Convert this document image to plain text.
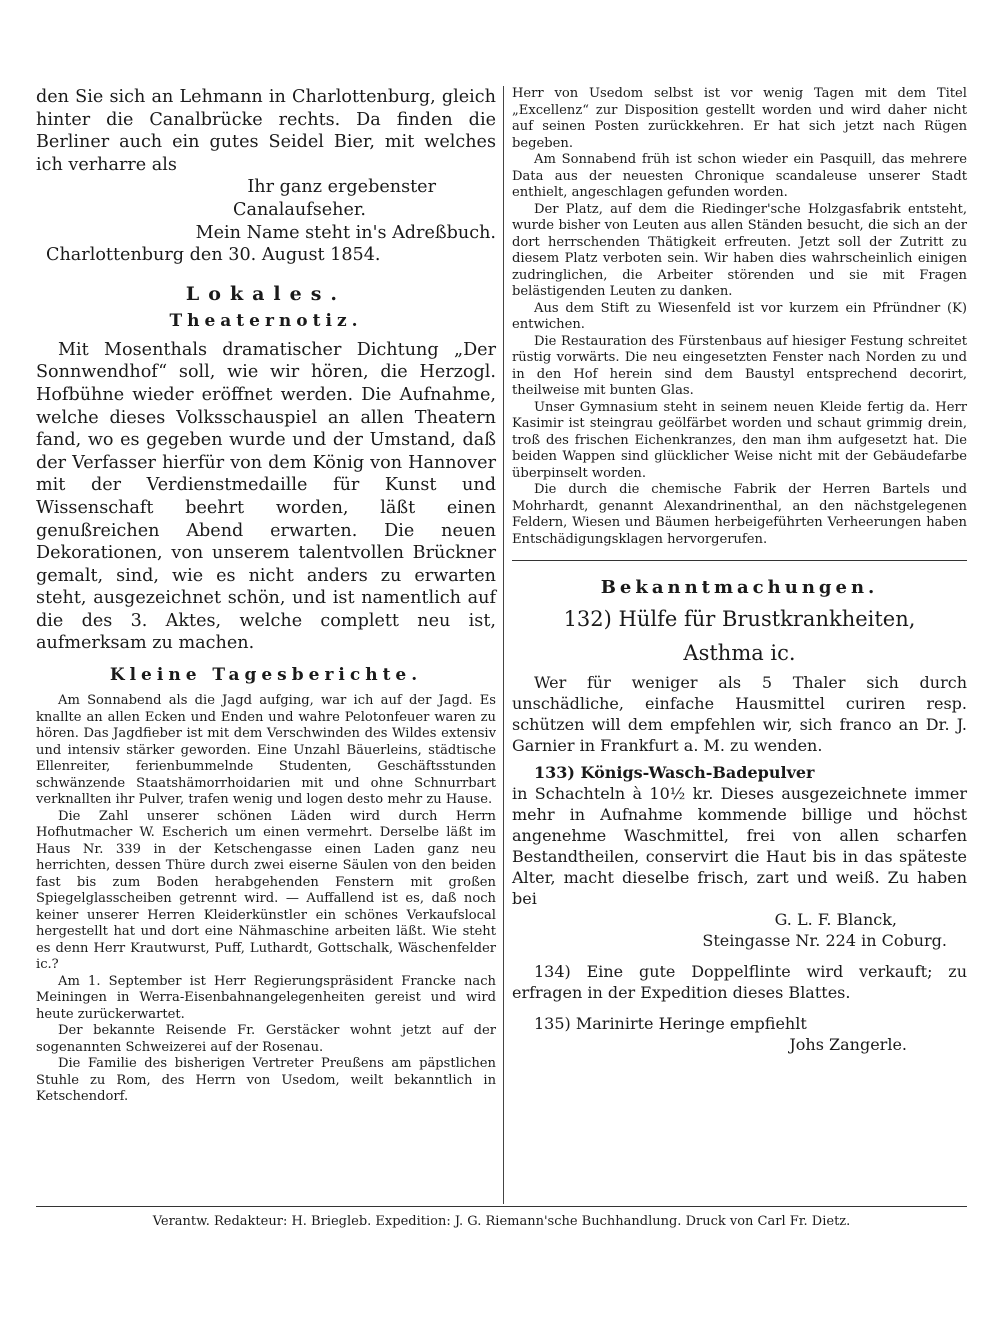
den Sie sich an Lehmann in Charlottenburg, gleich hinter die Canalbrücke rechts. Da finden die Berliner auch ein gutes Seidel Bier, mit welches ich verharre als

Ihr ganz ergebenster

Canalaufseher.

Mein Name steht in's Adreßbuch.

Charlottenburg den 30. August 1854.

Lokales.
Theaternotiz.

Mit Mosenthals dramatischer Dichtung „Der Sonnwendhof“ soll, wie wir hören, die Herzogl. Hofbühne wieder eröffnet werden. Die Aufnahme, welche dieses Volksschauspiel an allen Theatern fand, wo es gegeben wurde und der Umstand, daß der Verfasser hierfür von dem König von Hannover mit der Verdienstmedaille für Kunst und Wissenschaft beehrt worden, läßt einen genußreichen Abend erwarten. Die neuen Dekorationen, von unserem talentvollen Brückner gemalt, sind, wie es nicht anders zu erwarten steht, ausgezeichnet schön, und ist namentlich auf die des 3. Aktes, welche complett neu ist, aufmerksam zu machen.

Kleine Tagesberichte.

Am Sonnabend als die Jagd aufging, war ich auf der Jagd. Es knallte an allen Ecken und Enden und wahre Pelotonfeuer waren zu hören. Das Jagdfieber ist mit dem Verschwinden des Wildes extensiv und intensiv stärker geworden. Eine Unzahl Bäuerleins, städtische Ellenreiter, ferienbummelnde Studenten, Geschäftsstunden schwänzende Staatshämorrhoidarien mit und ohne Schnurrbart verknallten ihr Pulver, trafen wenig und logen desto mehr zu Hause.

Die Zahl unserer schönen Läden wird durch Herrn Hofhutmacher W. Escherich um einen vermehrt. Derselbe läßt im Haus Nr. 339 in der Ketschengasse einen Laden ganz neu herrichten, dessen Thüre durch zwei eiserne Säulen von den beiden fast bis zum Boden herabgehenden Fenstern mit großen Spiegelglasscheiben getrennt wird. — Auffallend ist es, daß noch keiner unserer Herren Kleiderkünstler ein schönes Verkaufslocal hergestellt hat und dort eine Nähmaschine arbeiten läßt. Wie steht es denn Herr Krautwurst, Puff, Luthardt, Gottschalk, Wäschenfelder ic.?

Am 1. September ist Herr Regierungspräsident Francke nach Meiningen in Werra-Eisenbahnangelegenheiten gereist und wird heute zurückerwartet.

Der bekannte Reisende Fr. Gerstäcker wohnt jetzt auf der sogenannten Schweizerei auf der Rosenau.

Die Familie des bisherigen Vertreter Preußens am päpstlichen Stuhle zu Rom, des Herrn von Usedom, weilt bekanntlich in Ketschendorf.

Herr von Usedom selbst ist vor wenig Tagen mit dem Titel „Excellenz“ zur Disposition gestellt worden und wird daher nicht auf seinen Posten zurückkehren. Er hat sich jetzt nach Rügen begeben.

Am Sonnabend früh ist schon wieder ein Pasquill, das mehrere Data aus der neuesten Chronique scandaleuse unserer Stadt enthielt, angeschlagen gefunden worden.

Der Platz, auf dem die Riedinger'sche Holzgasfabrik entsteht, wurde bisher von Leuten aus allen Ständen besucht, die sich an der dort herrschenden Thätigkeit erfreuten. Jetzt soll der Zutritt zu diesem Platz verboten sein. Wir haben dies wahrscheinlich einigen zudringlichen, die Arbeiter störenden und sie mit Fragen belästigenden Leuten zu danken.

Aus dem Stift zu Wiesenfeld ist vor kurzem ein Pfründner (K) entwichen.

Die Restauration des Fürstenbaus auf hiesiger Festung schreitet rüstig vorwärts. Die neu eingesetzten Fenster nach Norden zu und in den Hof herein sind dem Baustyl entsprechend decorirt, theilweise mit bunten Glas.

Unser Gymnasium steht in seinem neuen Kleide fertig da. Herr Kasimir ist steingrau geölfärbet worden und schaut grimmig drein, troß des frischen Eichenkranzes, den man ihm aufgesetzt hat. Die beiden Wappen sind glücklicher Weise nicht mit der Gebäudefarbe überpinselt worden.

Die durch die chemische Fabrik der Herren Bartels und Mohrhardt, genannt Alexandrinenthal, an den nächstgelegenen Feldern, Wiesen und Bäumen herbeigeführten Verheerungen haben Entschädigungsklagen hervorgerufen.

Bekanntmachungen.
132) Hülfe für Brustkrankheiten,
Asthma ic.

Wer für weniger als 5 Thaler sich durch unschädliche, einfache Hausmittel curiren resp. schützen will dem empfehlen wir, sich franco an Dr. J. Garnier in Frankfurt a. M. zu wenden.

133) Königs-Wasch-Badepulver

in Schachteln à 10½ kr. Dieses ausgezeichnete immer mehr in Aufnahme kommende billige und höchst angenehme Waschmittel, frei von allen scharfen Bestandtheilen, conservirt die Haut bis in das späteste Alter, macht dieselbe frisch, zart und weiß. Zu haben bei

G. L. F. Blanck,

Steingasse Nr. 224 in Coburg.

134) Eine gute Doppelflinte wird verkauft; zu erfragen in der Expedition dieses Blattes.

135) Marinirte Heringe empfiehlt

Johs Zangerle.

Verantw. Redakteur: H. Briegleb. Expedition: J. G. Riemann'sche Buchhandlung. Druck von Carl Fr. Dietz.
